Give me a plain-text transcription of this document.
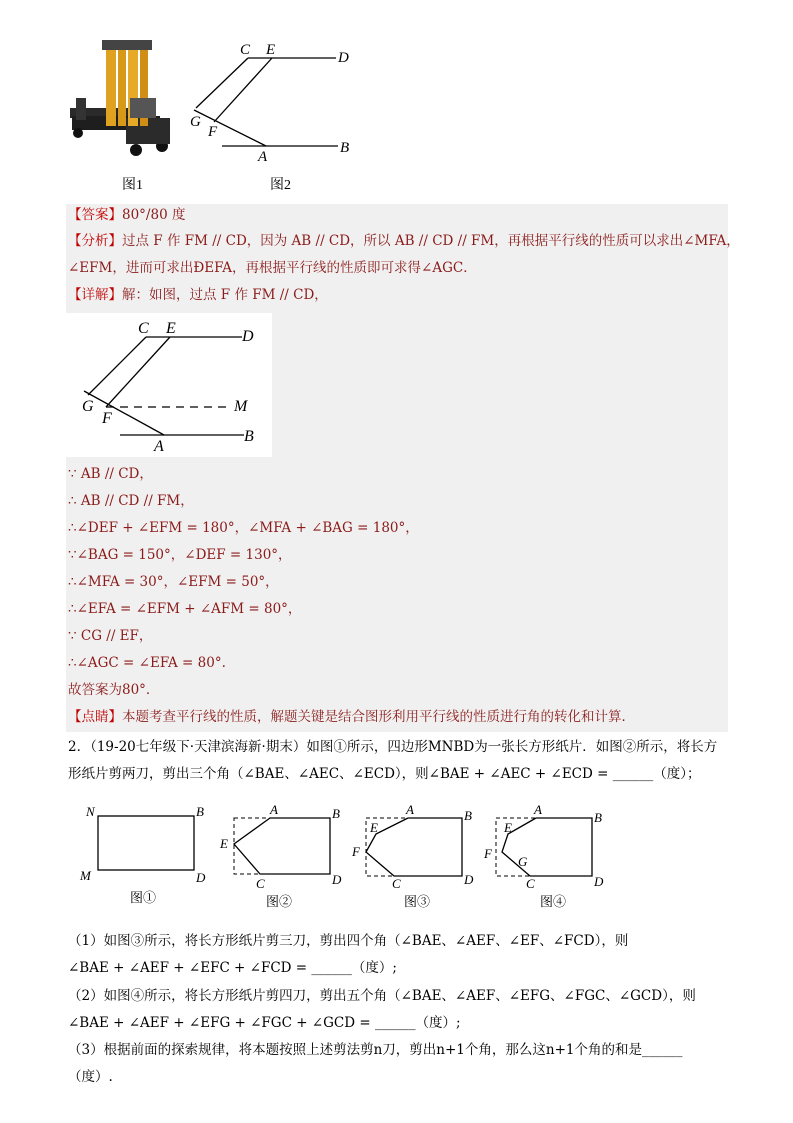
图1
C E	D
G
F
A
B
图2
【答案】80°/80 度
【分析】过点 F 作 FM // CD，因为 AB // CD，所以 AB // CD // FM，再根据平行线的性质可以求出∠MFA，
∠EFM，进而可求出ÐEFA，再根据平行线的性质即可求得∠AGC．
【详解】解：如图，过点 F 作 FM // CD，
C E	D
G
F
M
A
B
∵ AB // CD，
∴ AB // CD // FM，
∴∠DEF + ∠EFM = 180°，∠MFA + ∠BAG = 180°，
∵∠BAG = 150°，∠DEF = 130°，
∴∠MFA = 30°，∠EFM = 50°，
∴∠EFA = ∠EFM + ∠AFM = 80°，
∵ CG // EF，
∴∠AGC = ∠EFA = 80°.
故答案为80°．
【点睛】本题考查平行线的性质，解题关键是结合图形利用平行线的性质进行角的转化和计算．
2．（19-20七年级下·天津滨海新·期末）如图①所示，四边形MNBD为一张长方形纸片．如图②所示，将长方
形纸片剪两刀，剪出三个角（∠BAE、∠AEC、∠ECD），则∠BAE + ∠AEC + ∠ECD = ______（度）；
N	B
M	D
图①
A	B
E
C	D
图②
A	B
E
F
C	D
图③
A
B
E
F
G
C	D
图④
（1）如图③所示，将长方形纸片剪三刀，剪出四个角（∠BAE、∠AEF、∠EF、∠FCD），则
∠BAE + ∠AEF + ∠EFC + ∠FCD = ______（度）;
（2）如图④所示，将长方形纸片剪四刀，剪出五个角（∠BAE、∠AEF、∠EFG、∠FGC、∠GCD），则
∠BAE + ∠AEF + ∠EFG + ∠FGC + ∠GCD = ______（度）;
（3）根据前面的探索规律，将本题按照上述剪法剪n刀，剪出n+1个角，那么这n+1个角的和是______
（度）.
